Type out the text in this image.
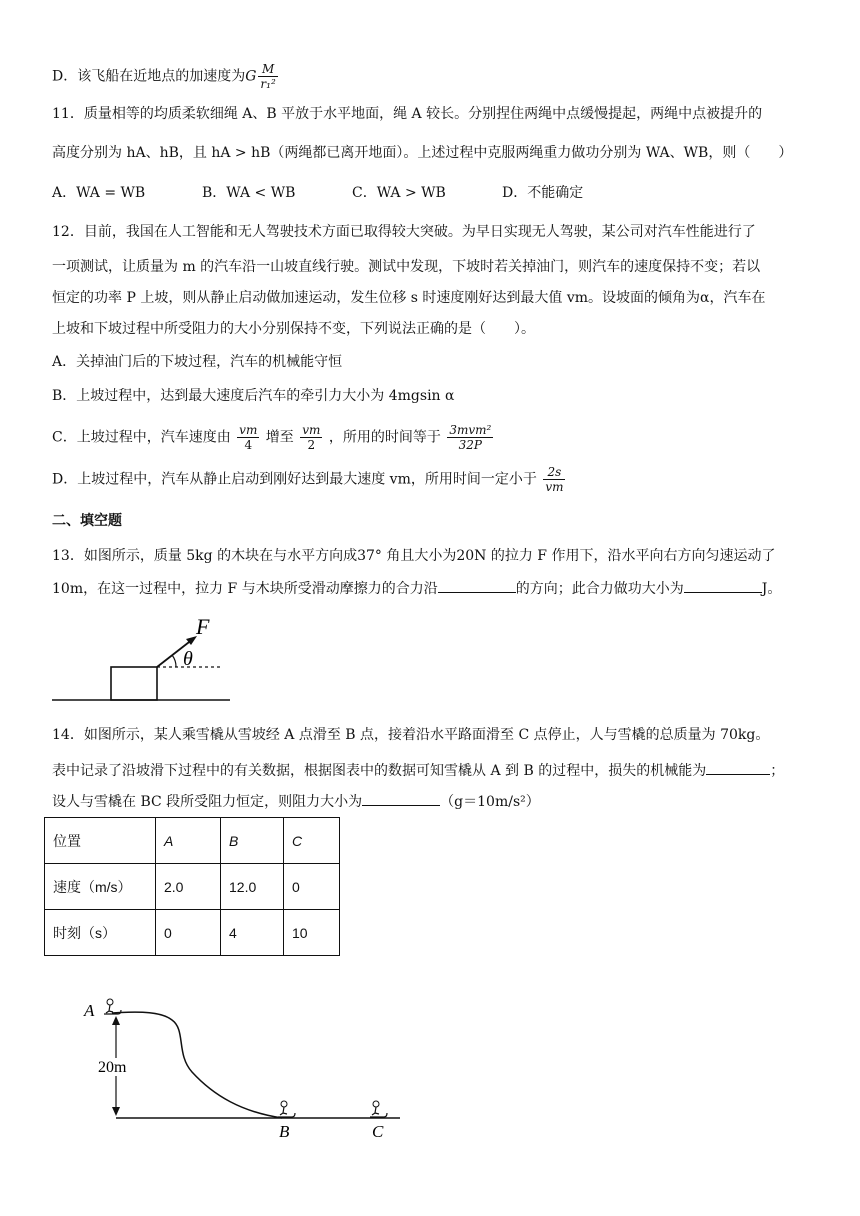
D．该飞船在近地点的加速度为G $\frac{M}{\text{r₁²}}$
11．质量相等的均质柔软细绳 A、B 平放于水平地面，绳 A 较长。分别捏住两绳中点缓慢提起，两绳中点被提升的
高度分别为 hA、hB，且 hA > hB（两绳都已离开地面）。上述过程中克服两绳重力做功分别为 WA、WB，则（　　）
A．WA = WB	B．WA < WB	C．WA > WB	D．不能确定
12．目前，我国在人工智能和无人驾驶技术方面已取得较大突破。为早日实现无人驾驶，某公司对汽车性能进行了
一项测试，让质量为 m 的汽车沿一山坡直线行驶。测试中发现，下坡时若关掉油门，则汽车的速度保持不变；若以
恒定的功率 P 上坡，则从静止启动做加速运动，发生位移 s 时速度刚好达到最大值 vm。设坡面的倾角为α，汽车在
上坡和下坡过程中所受阻力的大小分别保持不变，下列说法正确的是（　　）。
A．关掉油门后的下坡过程，汽车的机械能守恒
B．上坡过程中，达到最大速度后汽车的牵引力大小为 4mgsin α
C．上坡过程中，汽车速度由 $\frac{vm}{4}$ 增至 $\frac{vm}{2}$ ，所用的时间等于 $\frac{\text{3mvm²}}{32P}$
D．上坡过程中，汽车从静止启动到刚好达到最大速度 vm，所用时间一定小于 $\frac{2s}{vm}$
二、填空题
13．如图所示，质量 5kg 的木块在与水平方向成37° 角且大小为20N 的拉力 F 作用下，沿水平向右方向匀速运动了
10m，在这一过程中，拉力 F 与木块所受滑动摩擦力的合力沿	的方向；此合力做功大小为	J。
F
θ
14．如图所示，某人乘雪橇从雪坡经 A 点滑至 B 点，接着沿水平路面滑至 C 点停止，人与雪橇的总质量为 70kg。
表中记录了沿坡滑下过程中的有关数据，根据图表中的数据可知雪橇从 A 到 B 的过程中，损失的机械能为	；
设人与雪橇在 BC 段所受阻力恒定，则阻力大小为	（g＝10m/s²）
位置	A	B	C
速度（m/s）	2.0	12.0	0
时刻（s）	0	4	10
20m
A
B	C
